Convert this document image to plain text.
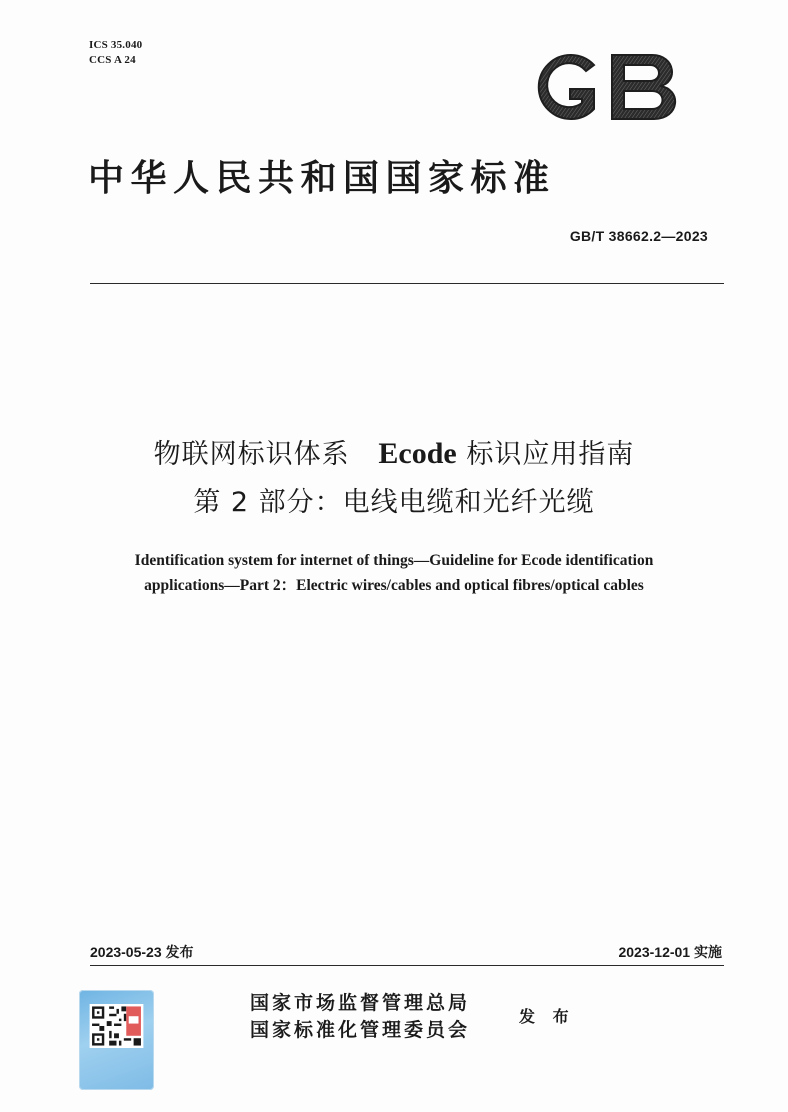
ICS 35.040
CCS A 24
中华人民共和国国家标准
GB/T 38662.2—2023
物联网标识体系 Ecode 标识应用指南
第 2 部分：电线电缆和光纤光缆
Identification system for internet of things—Guideline for Ecode identification
applications—Part 2：Electric wires/cables and optical fibres/optical cables
2023-05-23 发布	2023-12-01 实施
国家市场监督管理总局
国家标准化管理委员会
发 布
